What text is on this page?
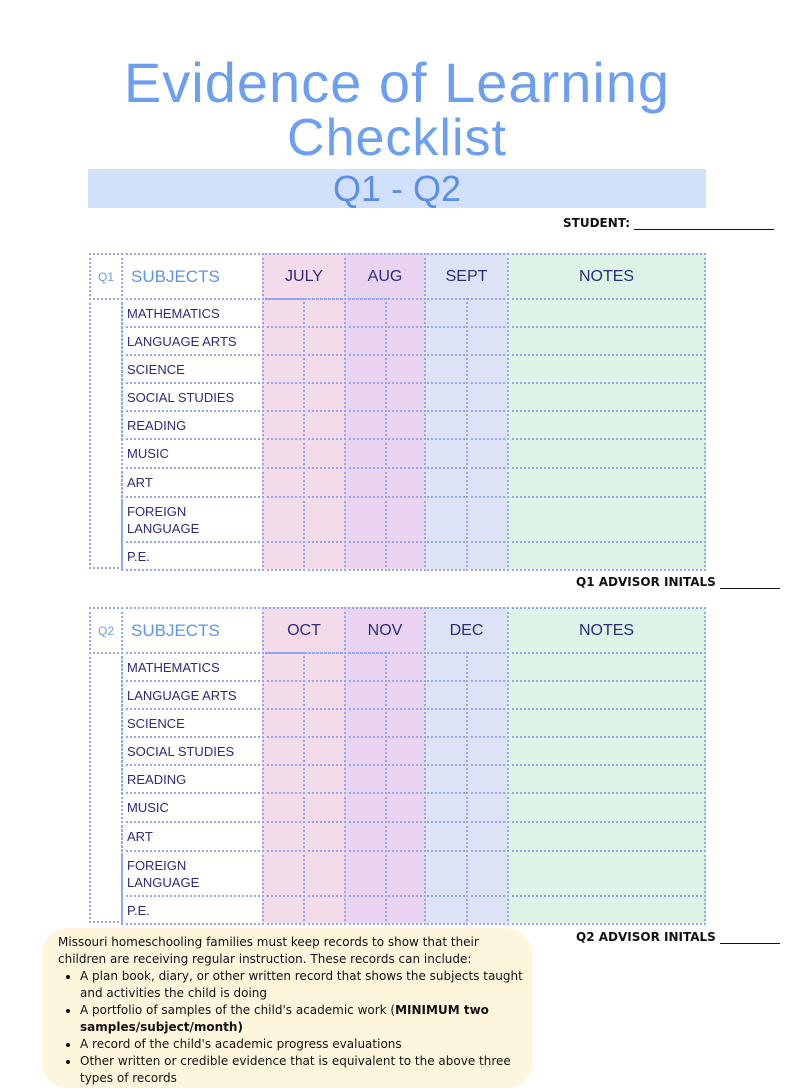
Evidence of Learning
Checklist
Q1 - Q2
STUDENT:
Q1	SUBJECTS	JULY	AUG	SEPT	NOTES
MATHEMATICS
LANGUAGE ARTS
SCIENCE
SOCIAL STUDIES
READING
MUSIC
ART
FOREIGN LANGUAGE
P.E.
Q1 ADVISOR INITALS
Q2	SUBJECTS	OCT	NOV	DEC	NOTES
MATHEMATICS
LANGUAGE ARTS
SCIENCE
SOCIAL STUDIES
READING
MUSIC
ART
FOREIGN LANGUAGE
P.E.
Q2 ADVISOR INITALS
Missouri homeschooling families must keep records to show that their children are receiving regular instruction. These records can include:
• A plan book, diary, or other written record that shows the subjects taught and activities the child is doing
• A portfolio of samples of the child's academic work (MINIMUM two samples/subject/month)
• A record of the child's academic progress evaluations
• Other written or credible evidence that is equivalent to the above three types of records
